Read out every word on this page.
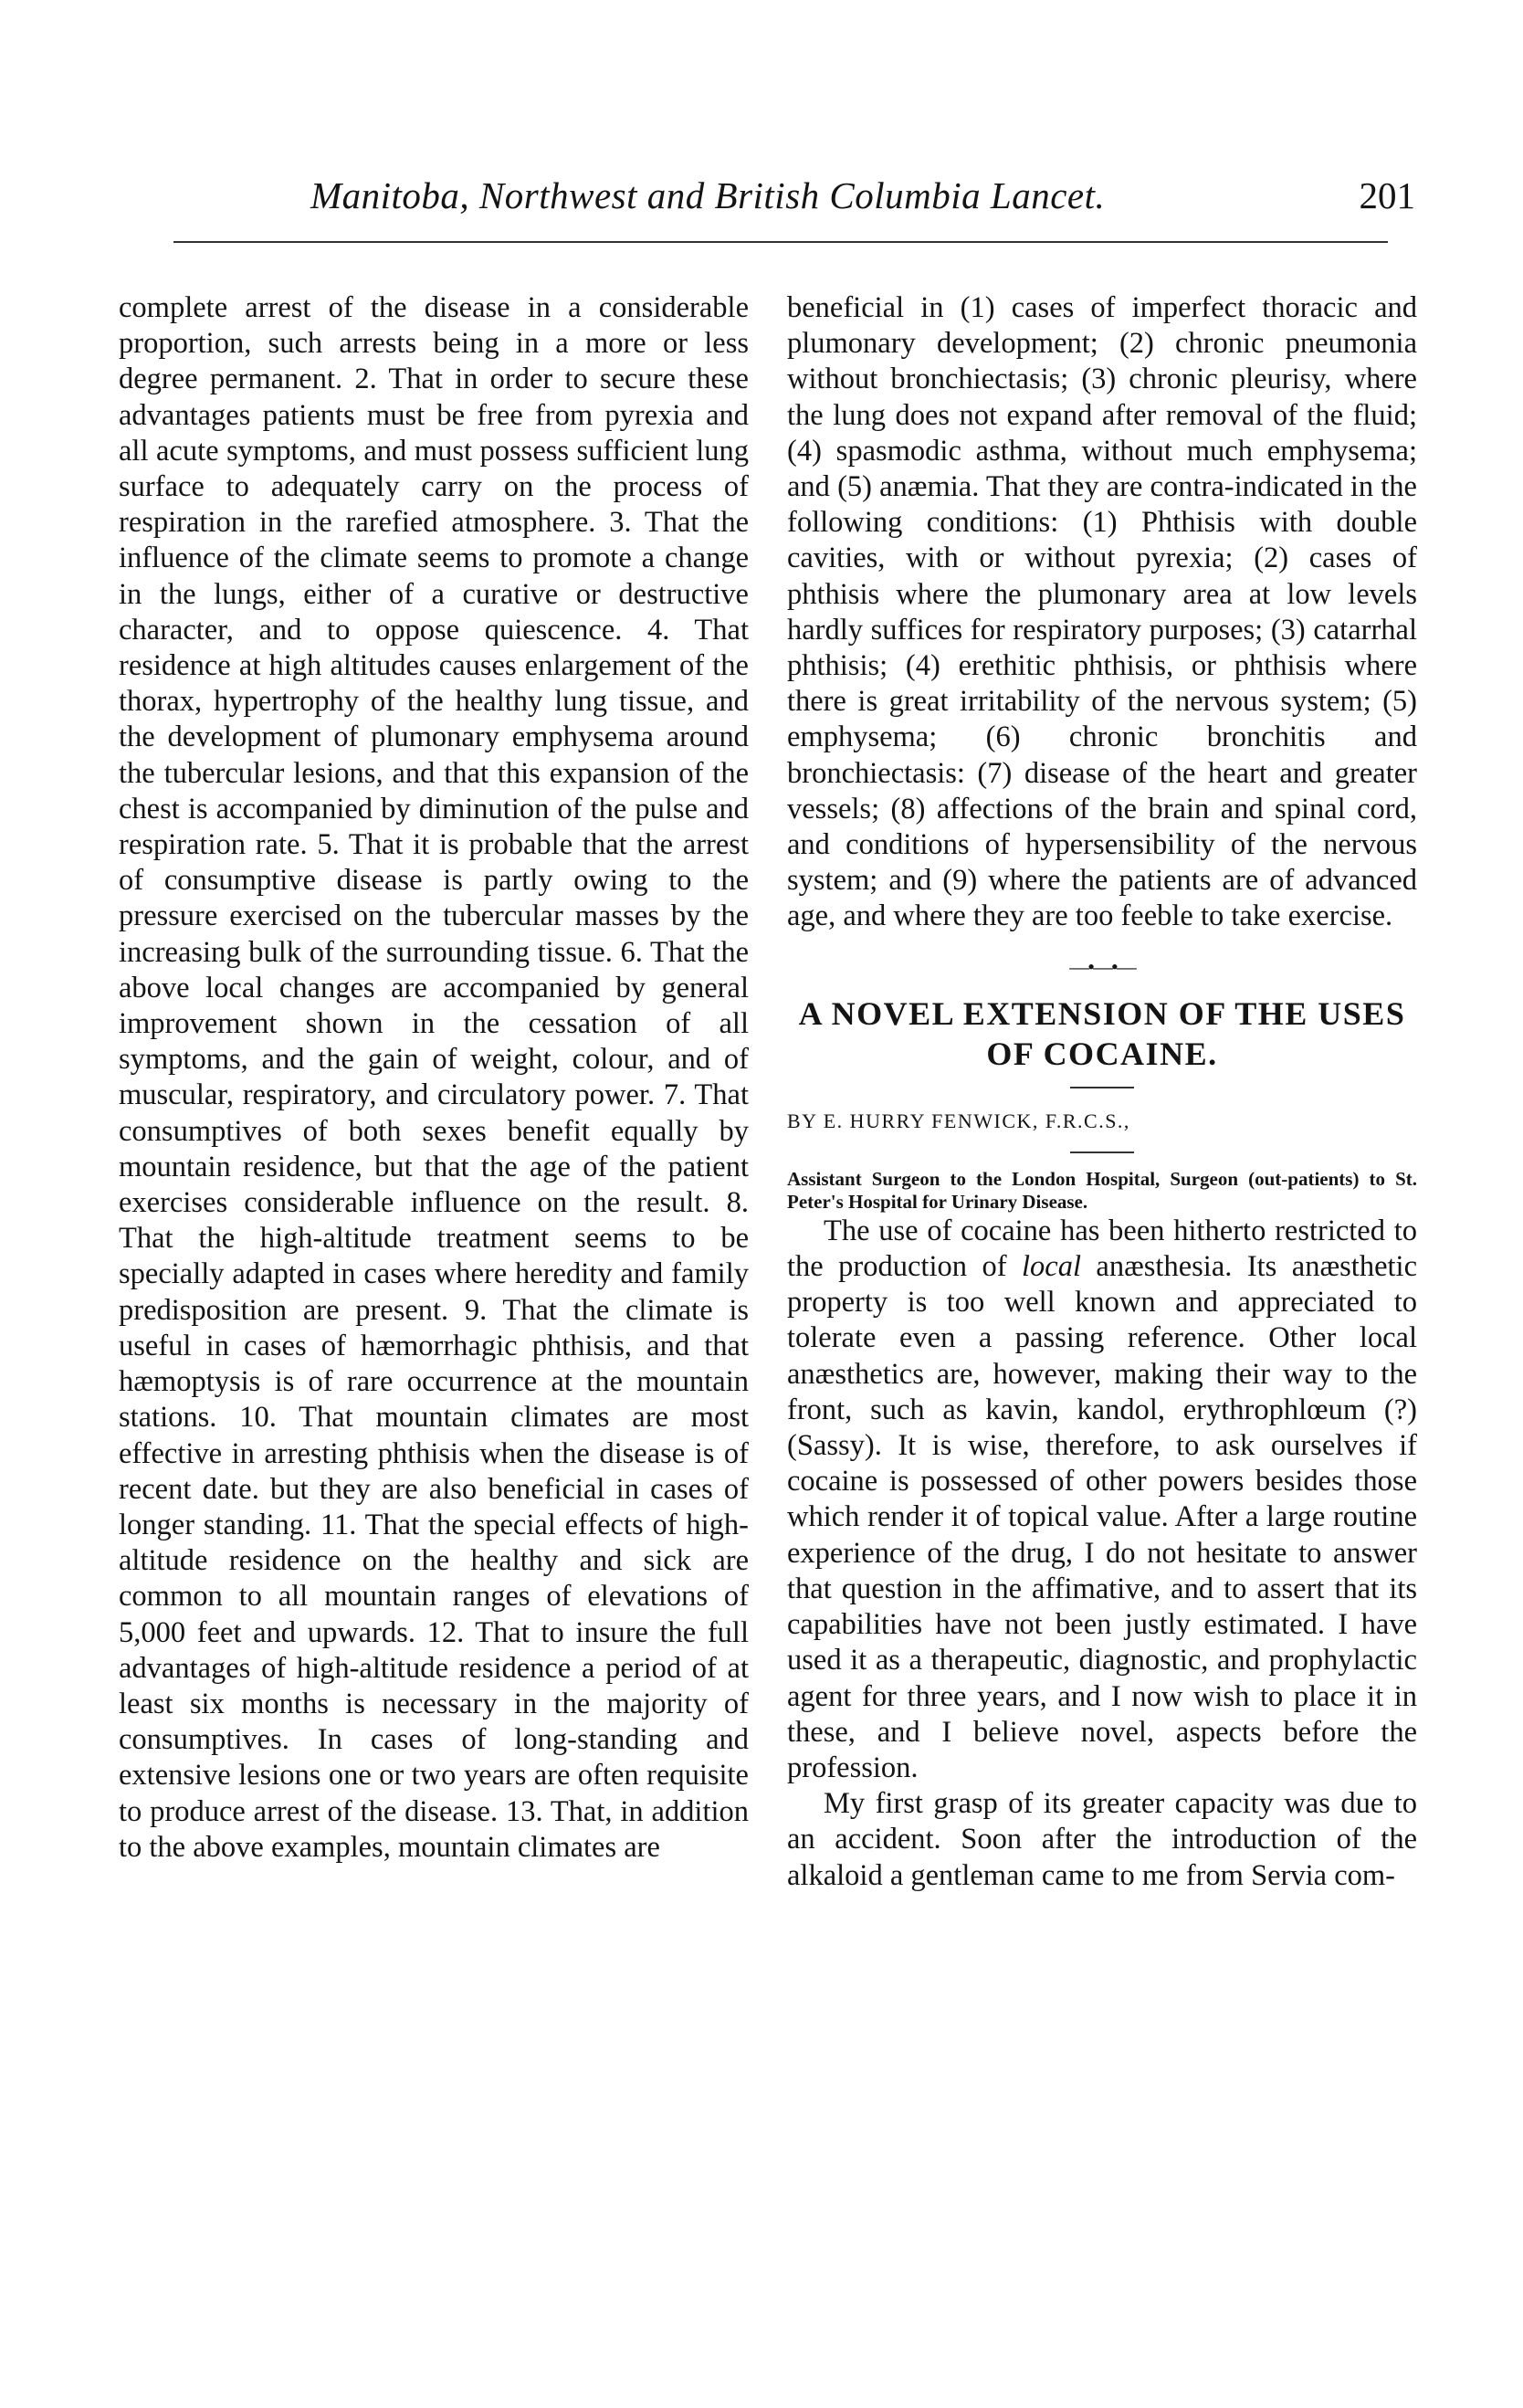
Manitoba, Northwest and British Columbia Lancet.	201

complete arrest of the disease in a considerable proportion, such arrests being in a more or less degree permanent. 2. That in order to secure these advantages patients must be free from pyrexia and all acute symptoms, and must possess sufficient lung surface to adequately carry on the process of respiration in the rarefied atmosphere. 3. That the influence of the climate seems to promote a change in the lungs, either of a curative or destructive character, and to oppose quiescence. 4. That residence at high altitudes causes enlargement of the thorax, hypertrophy of the healthy lung tissue, and the development of plumonary emphysema around the tubercular lesions, and that this expansion of the chest is accompanied by diminution of the pulse and respiration rate. 5. That it is probable that the arrest of consumptive disease is partly owing to the pressure exercised on the tubercular masses by the increasing bulk of the surrounding tissue. 6. That the above local changes are accompanied by general improvement shown in the cessation of all symptoms, and the gain of weight, colour, and of muscular, respiratory, and circulatory power. 7. That consumptives of both sexes benefit equally by mountain residence, but that the age of the patient exercises considerable influence on the result. 8. That the high-altitude treatment seems to be specially adapted in cases where heredity and family predisposition are present. 9. That the climate is useful in cases of hæmorrhagic phthisis, and that hæmoptysis is of rare occurrence at the mountain stations. 10. That mountain climates are most effective in arresting phthisis when the disease is of recent date. but they are also beneficial in cases of longer standing. 11. That the special effects of high-altitude residence on the healthy and sick are common to all mountain ranges of elevations of 5,000 feet and upwards. 12. That to insure the full advantages of high-altitude residence a period of at least six months is necessary in the majority of consumptives. In cases of long-standing and extensive lesions one or two years are often requisite to produce arrest of the disease. 13. That, in addition to the above examples, mountain climates are

beneficial in (1) cases of imperfect thoracic and plumonary development; (2) chronic pneumonia without bronchiectasis; (3) chronic pleurisy, where the lung does not expand after removal of the fluid; (4) spasmodic asthma, without much emphysema; and (5) anæmia. That they are contra-indicated in the following conditions: (1) Phthisis with double cavities, with or without pyrexia; (2) cases of phthisis where the plumonary area at low levels hardly suffices for respiratory purposes; (3) catarrhal phthisis; (4) erethitic phthisis, or phthisis where there is great irritability of the nervous system; (5) emphysema; (6) chronic bronchitis and bronchiectasis: (7) disease of the heart and greater vessels; (8) affections of the brain and spinal cord, and conditions of hypersensibility of the nervous system; and (9) where the patients are of advanced age, and where they are too feeble to take exercise.

—•—•—
A NOVEL EXTENSION OF THE USES OF COCAINE.

BY E. HURRY FENWICK, F.R.C.S.,

Assistant Surgeon to the London Hospital, Surgeon (out-patients) to St. Peter's Hospital for Urinary Disease.

The use of cocaine has been hitherto restricted to the production of local anæsthesia. Its anæsthetic property is too well known and appreciated to tolerate even a passing reference. Other local anæsthetics are, however, making their way to the front, such as kavin, kandol, erythrophlœum (?) (Sassy). It is wise, therefore, to ask ourselves if cocaine is possessed of other powers besides those which render it of topical value. After a large routine experience of the drug, I do not hesitate to answer that question in the affimative, and to assert that its capabilities have not been justly estimated. I have used it as a therapeutic, diagnostic, and prophylactic agent for three years, and I now wish to place it in these, and I believe novel, aspects before the profession.

My first grasp of its greater capacity was due to an accident. Soon after the introduction of the alkaloid a gentleman came to me from Servia com-
